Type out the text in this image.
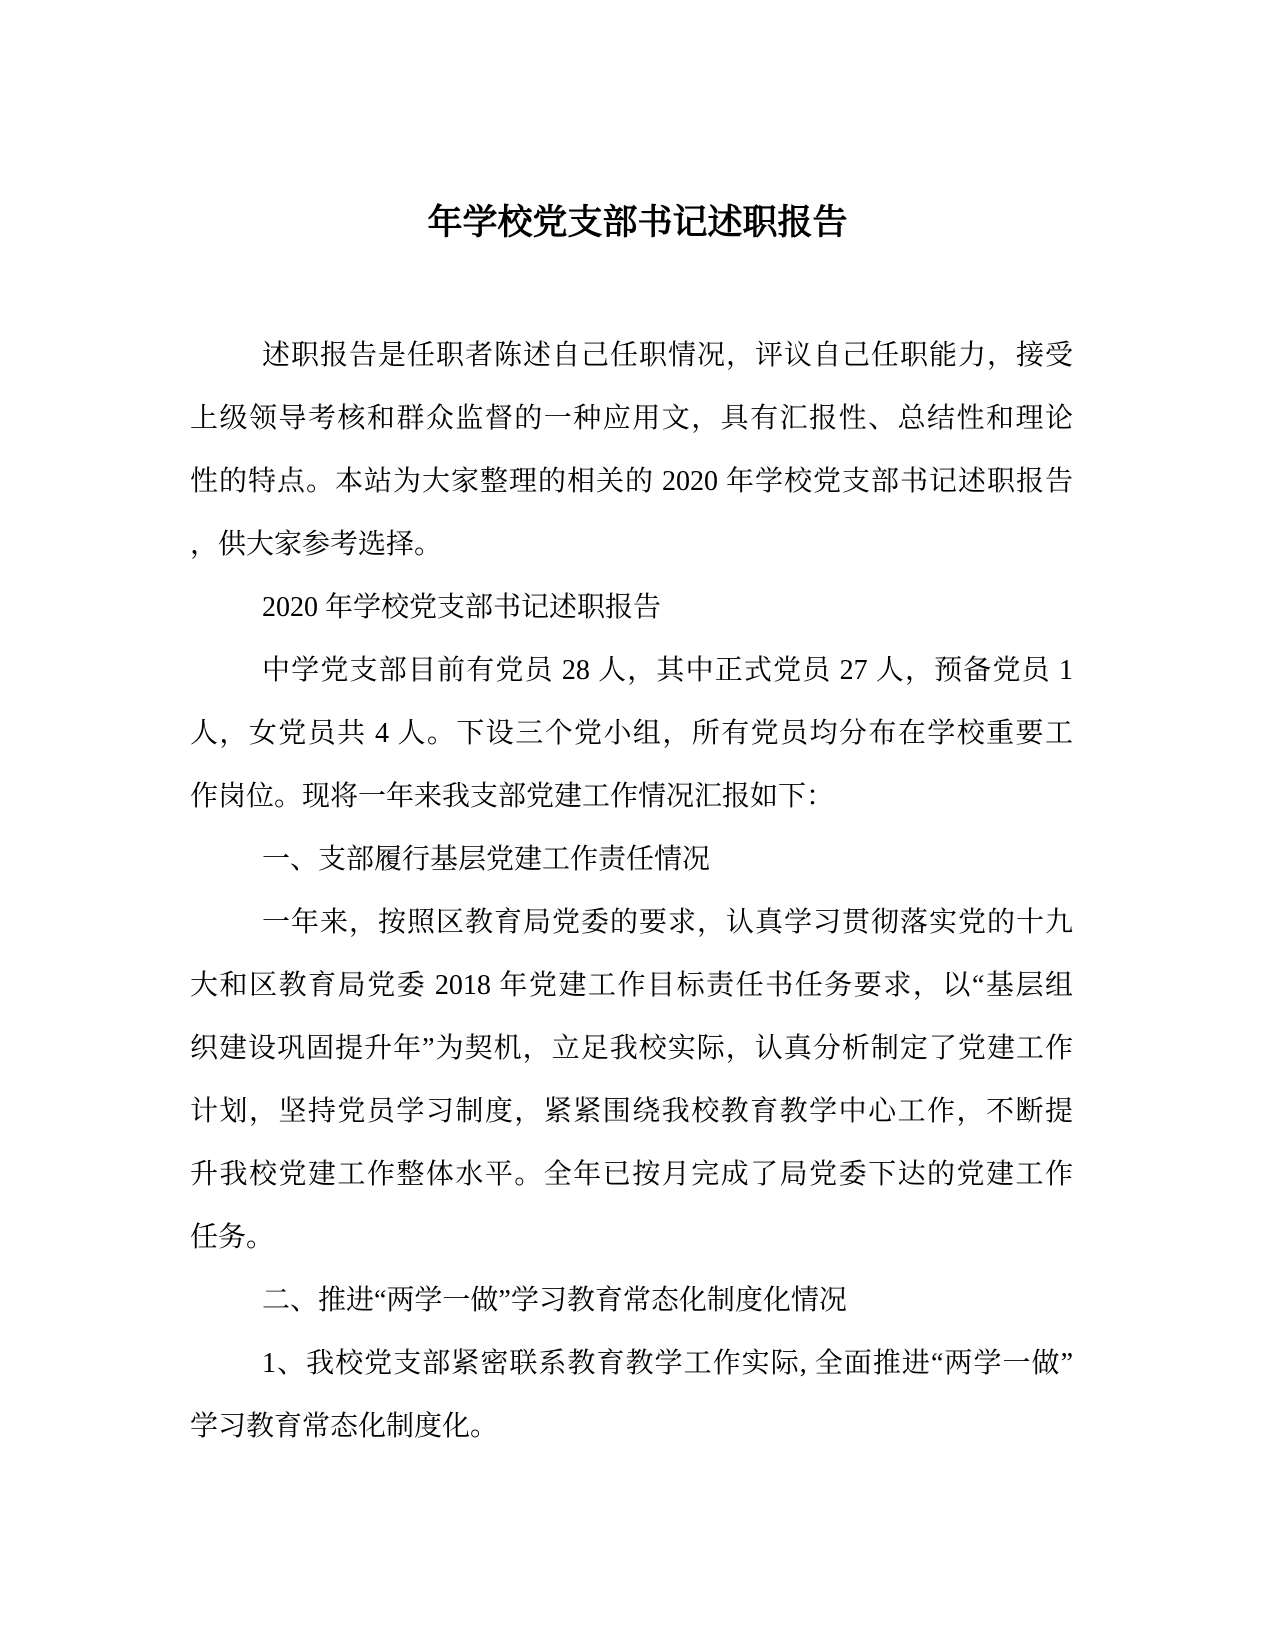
年学校党支部书记述职报告
述职报告是任职者陈述自己任职情况，评议自己任职能力，接受
上级领导考核和群众监督的一种应用文，具有汇报性、总结性和理论
性的特点。本站为大家整理的相关的 2020 年学校党支部书记述职报告
，供大家参考选择。
2020 年学校党支部书记述职报告
中学党支部目前有党员 28 人，其中正式党员 27 人，预备党员 1
人，女党员共 4 人。下设三个党小组，所有党员均分布在学校重要工
作岗位。现将一年来我支部党建工作情况汇报如下：
一、支部履行基层党建工作责任情况
一年来，按照区教育局党委的要求，认真学习贯彻落实党的十九
大和区教育局党委 2018 年党建工作目标责任书任务要求，以“基层组
织建设巩固提升年”为契机，立足我校实际，认真分析制定了党建工作
计划，坚持党员学习制度，紧紧围绕我校教育教学中心工作，不断提
升我校党建工作整体水平。全年已按月完成了局党委下达的党建工作
任务。
二、推进“两学一做”学习教育常态化制度化情况
1、我校党支部紧密联系教育教学工作实际, 全面推进“两学一做”
学习教育常态化制度化。
